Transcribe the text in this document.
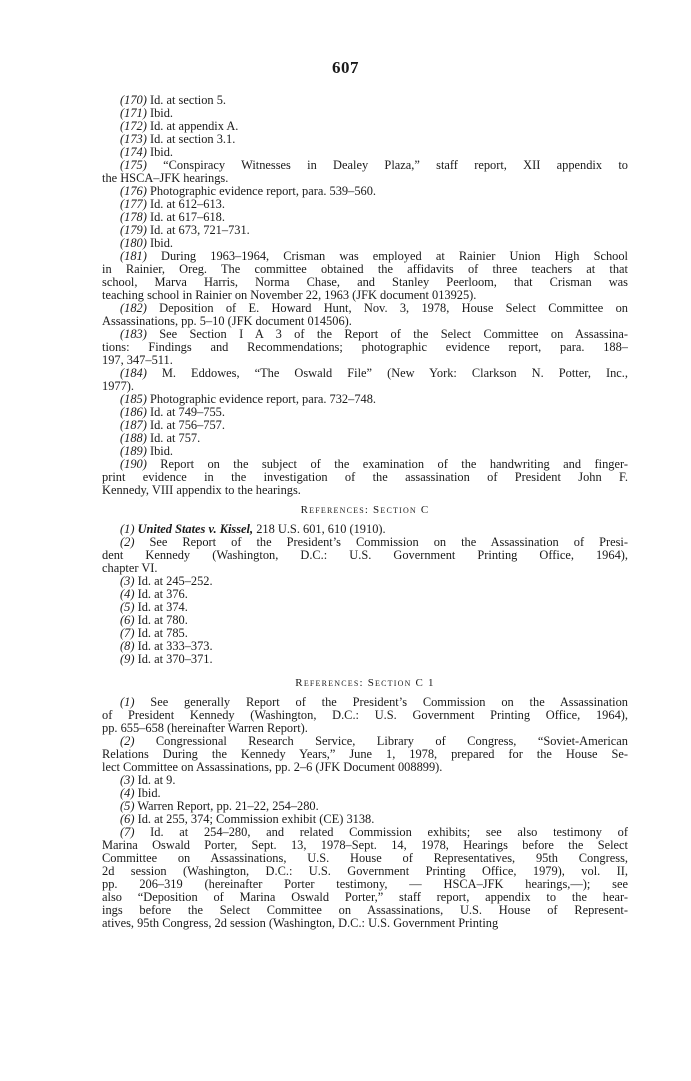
607
(170) Id. at section 5.
(171) Ibid.
(172) Id. at appendix A.
(173) Id. at section 3.1.
(174) Ibid.
(175) “Conspiracy Witnesses in Dealey Plaza,” staff report, XII appendix to
the HSCA–JFK hearings.
(176) Photographic evidence report, para. 539–560.
(177) Id. at 612–613.
(178) Id. at 617–618.
(179) Id. at 673, 721–731.
(180) Ibid.
(181) During 1963–1964, Crisman was employed at Rainier Union High School
in Rainier, Oreg. The committee obtained the affidavits of three teachers at that
school, Marva Harris, Norma Chase, and Stanley Peerloom, that Crisman was
teaching school in Rainier on November 22, 1963 (JFK document 013925).
(182) Deposition of E. Howard Hunt, Nov. 3, 1978, House Select Committee on
Assassinations, pp. 5–10 (JFK document 014506).
(183) See Section I A 3 of the Report of the Select Committee on Assassina-
tions: Findings and Recommendations; photographic evidence report, para. 188–
197, 347–511.
(184) M. Eddowes, “The Oswald File” (New York: Clarkson N. Potter, Inc.,
1977).
(185) Photographic evidence report, para. 732–748.
(186) Id. at 749–755.
(187) Id. at 756–757.
(188) Id. at 757.
(189) Ibid.
(190) Report on the subject of the examination of the handwriting and finger-
print evidence in the investigation of the assassination of President John F.
Kennedy, VIII appendix to the hearings.
References: Section C
(1) United States v. Kissel, 218 U.S. 601, 610 (1910).
(2) See Report of the President’s Commission on the Assassination of Presi-
dent Kennedy (Washington, D.C.: U.S. Government Printing Office, 1964),
chapter VI.
(3) Id. at 245–252.
(4) Id. at 376.
(5) Id. at 374.
(6) Id. at 780.
(7) Id. at 785.
(8) Id. at 333–373.
(9) Id. at 370–371.
References: Section C 1
(1) See generally Report of the President’s Commission on the Assassination
of President Kennedy (Washington, D.C.: U.S. Government Printing Office, 1964),
pp. 655–658 (hereinafter Warren Report).
(2) Congressional Research Service, Library of Congress, “Soviet-American
Relations During the Kennedy Years,” June 1, 1978, prepared for the House Se-
lect Committee on Assassinations, pp. 2–6 (JFK Document 008899).
(3) Id. at 9.
(4) Ibid.
(5) Warren Report, pp. 21–22, 254–280.
(6) Id. at 255, 374; Commission exhibit (CE) 3138.
(7) Id. at 254–280, and related Commission exhibits; see also testimony of
Marina Oswald Porter, Sept. 13, 1978–Sept. 14, 1978, Hearings before the Select
Committee on Assassinations, U.S. House of Representatives, 95th Congress,
2d session (Washington, D.C.: U.S. Government Printing Office, 1979), vol. II,
pp. 206–319 (hereinafter Porter testimony, — HSCA–JFK hearings,—); see
also “Deposition of Marina Oswald Porter,” staff report, appendix to the hear-
ings before the Select Committee on Assassinations, U.S. House of Represent-
atives, 95th Congress, 2d session (Washington, D.C.: U.S. Government Printing
